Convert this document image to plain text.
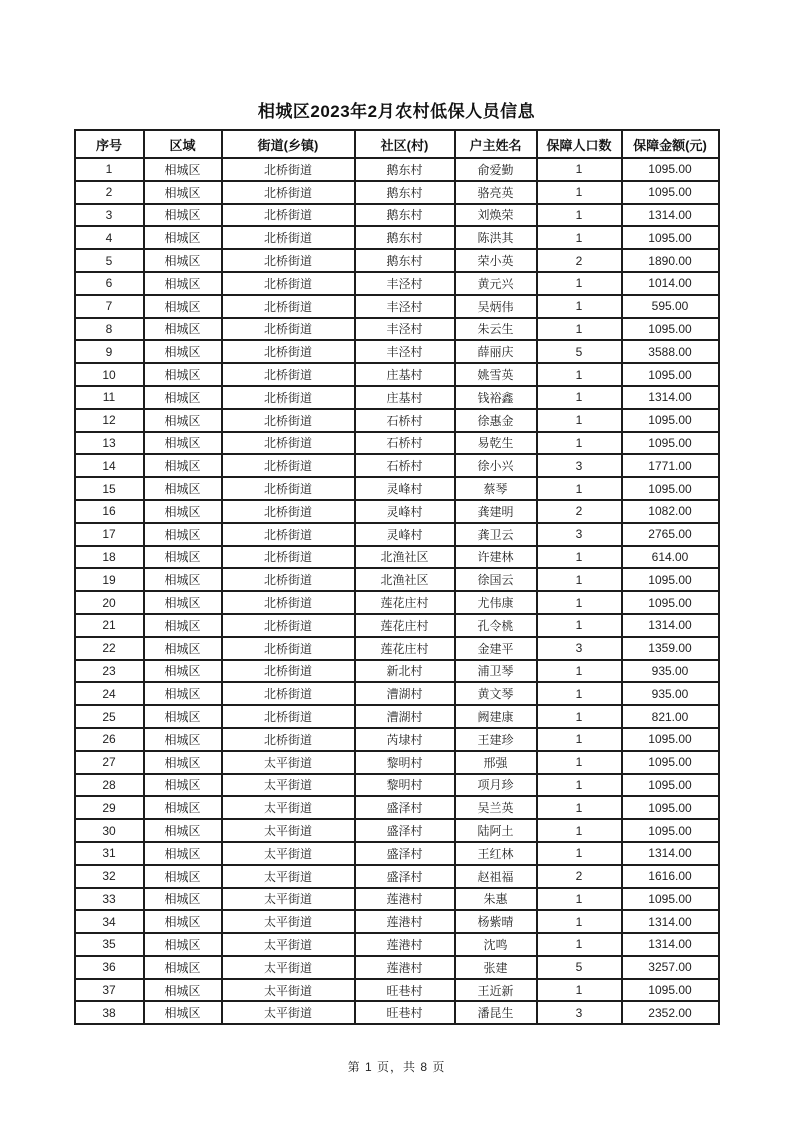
相城区2023年2月农村低保人员信息
序号	区域	街道(乡镇)	社区(村)	户主姓名	保障人口数	保障金额(元)
1	相城区	北桥街道	鹅东村	俞爱勤	1	1095.00
2	相城区	北桥街道	鹅东村	骆亮英	1	1095.00
3	相城区	北桥街道	鹅东村	刘焕荣	1	1314.00
4	相城区	北桥街道	鹅东村	陈洪其	1	1095.00
5	相城区	北桥街道	鹅东村	荣小英	2	1890.00
6	相城区	北桥街道	丰泾村	黄元兴	1	1014.00
7	相城区	北桥街道	丰泾村	吴炳伟	1	595.00
8	相城区	北桥街道	丰泾村	朱云生	1	1095.00
9	相城区	北桥街道	丰泾村	薛丽庆	5	3588.00
10	相城区	北桥街道	庄基村	姚雪英	1	1095.00
11	相城区	北桥街道	庄基村	钱裕鑫	1	1314.00
12	相城区	北桥街道	石桥村	徐惠金	1	1095.00
13	相城区	北桥街道	石桥村	易乾生	1	1095.00
14	相城区	北桥街道	石桥村	徐小兴	3	1771.00
15	相城区	北桥街道	灵峰村	蔡琴	1	1095.00
16	相城区	北桥街道	灵峰村	龚建明	2	1082.00
17	相城区	北桥街道	灵峰村	龚卫云	3	2765.00
18	相城区	北桥街道	北渔社区	许建林	1	614.00
19	相城区	北桥街道	北渔社区	徐国云	1	1095.00
20	相城区	北桥街道	莲花庄村	尤伟康	1	1095.00
21	相城区	北桥街道	莲花庄村	孔令桃	1	1314.00
22	相城区	北桥街道	莲花庄村	金建平	3	1359.00
23	相城区	北桥街道	新北村	浦卫琴	1	935.00
24	相城区	北桥街道	漕湖村	黄文琴	1	935.00
25	相城区	北桥街道	漕湖村	阙建康	1	821.00
26	相城区	北桥街道	芮埭村	王建珍	1	1095.00
27	相城区	太平街道	黎明村	邢强	1	1095.00
28	相城区	太平街道	黎明村	项月珍	1	1095.00
29	相城区	太平街道	盛泽村	吴兰英	1	1095.00
30	相城区	太平街道	盛泽村	陆阿土	1	1095.00
31	相城区	太平街道	盛泽村	王红林	1	1314.00
32	相城区	太平街道	盛泽村	赵祖福	2	1616.00
33	相城区	太平街道	莲港村	朱惠	1	1095.00
34	相城区	太平街道	莲港村	杨紫晴	1	1314.00
35	相城区	太平街道	莲港村	沈鸣	1	1314.00
36	相城区	太平街道	莲港村	张建	5	3257.00
37	相城区	太平街道	旺巷村	王近新	1	1095.00
38	相城区	太平街道	旺巷村	潘昆生	3	2352.00
第 1 页，共 8 页
